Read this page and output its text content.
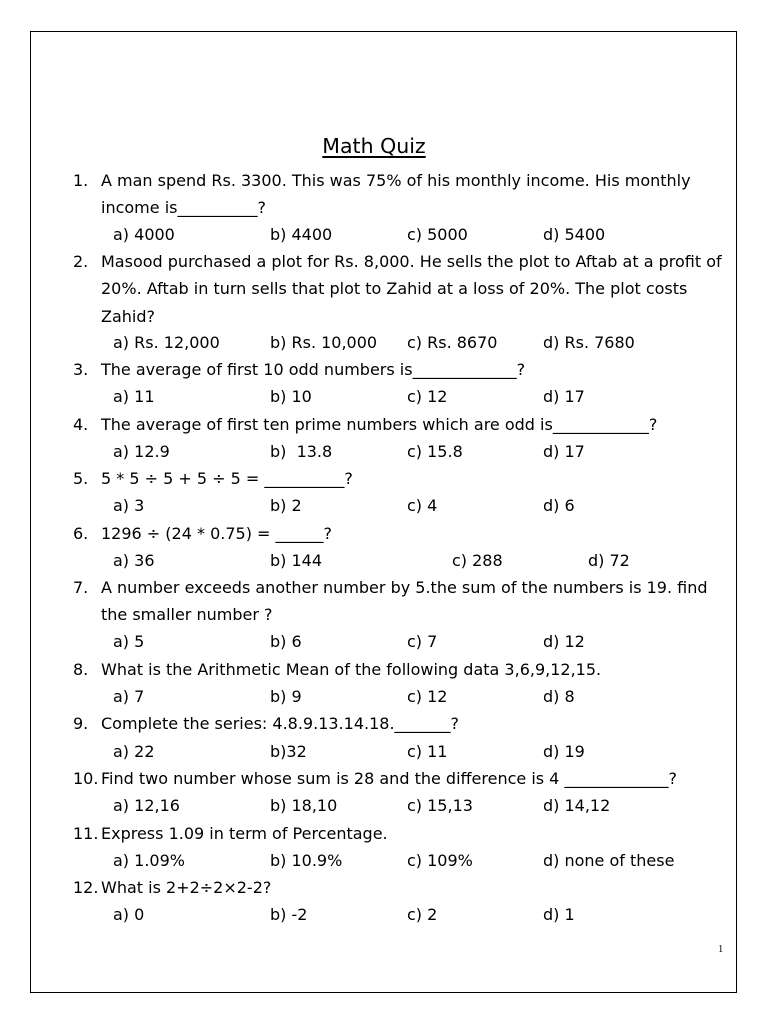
Math Quiz
1. A man spend Rs. 3300. This was 75% of his monthly income. His monthly income is__________?
a) 4000	b) 4400	c) 5000	d) 5400
2. Masood purchased a plot for Rs. 8,000. He sells the plot to Aftab at a profit of 20%. Aftab in turn sells that plot to Zahid at a loss of 20%. The plot costs Zahid?
a) Rs. 12,000	b) Rs. 10,000 c) Rs. 8670	d) Rs. 7680
3. The average of first 10 odd numbers is_____________?
a) 11	b) 10	c) 12	d) 17
4. The average of first ten prime numbers which are odd is____________?
a) 12.9	b)  13.8	c) 15.8	d) 17
5. 5 * 5 ÷ 5 + 5 ÷ 5 = __________?
a) 3	b) 2	c) 4	d) 6
6. 1296 ÷ (24 * 0.75) = ______?
a) 36	b) 144	c) 288	d) 72
7. A number exceeds another number by 5.the sum of the numbers is 19. find the smaller number ?
a) 5	b) 6	c) 7	d) 12
8. What is the Arithmetic Mean of the following data 3,6,9,12,15.
a) 7	b) 9	c) 12	d) 8
9. Complete the series: 4.8.9.13.14.18._______?
a) 22	b)32	c) 11	d) 19
10. Find two number whose sum is 28 and the difference is 4 _____________?
a) 12,16	b) 18,10	c) 15,13	d) 14,12
11. Express 1.09 in term of Percentage.
a) 1.09%	b) 10.9%	c) 109%	d) none of these
12. What is 2+2÷2×2-2?
a) 0	b) -2	c) 2	d) 1
1
